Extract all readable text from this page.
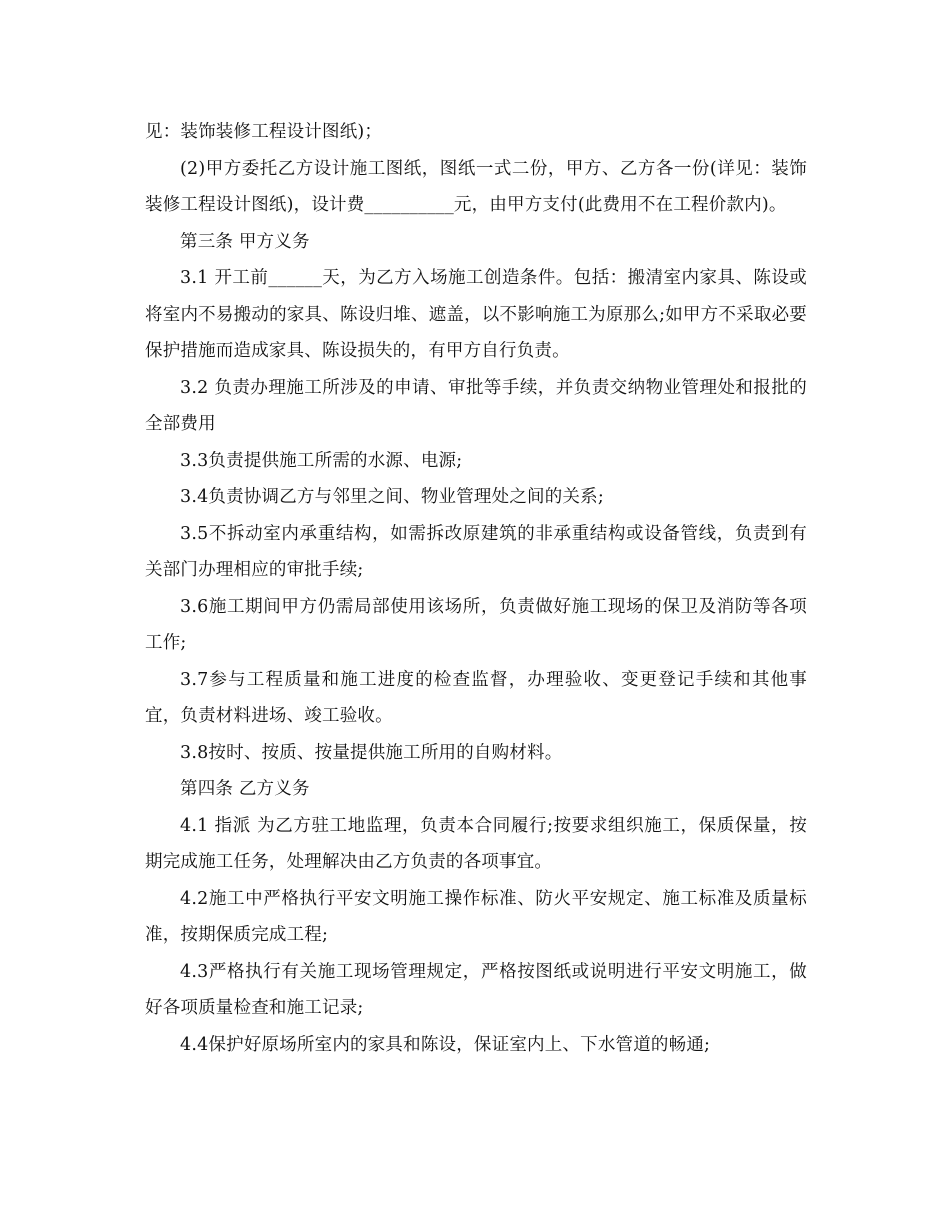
见：装饰装修工程设计图纸)；

(2)甲方委托乙方设计施工图纸，图纸一式二份，甲方、乙方各一份(详见：装饰装修工程设计图纸)，设计费__________元，由甲方支付(此费用不在工程价款内)。

第三条 甲方义务

3.1 开工前______天，为乙方入场施工创造条件。包括：搬清室内家具、陈设或将室内不易搬动的家具、陈设归堆、遮盖，以不影响施工为原那么;如甲方不采取必要保护措施而造成家具、陈设损失的，有甲方自行负责。

3.2 负责办理施工所涉及的申请、审批等手续，并负责交纳物业管理处和报批的全部费用

3.3负责提供施工所需的水源、电源;

3.4负责协调乙方与邻里之间、物业管理处之间的关系;

3.5不拆动室内承重结构，如需拆改原建筑的非承重结构或设备管线，负责到有关部门办理相应的审批手续;

3.6施工期间甲方仍需局部使用该场所，负责做好施工现场的保卫及消防等各项工作;

3.7参与工程质量和施工进度的检查监督，办理验收、变更登记手续和其他事宜，负责材料进场、竣工验收。

3.8按时、按质、按量提供施工所用的自购材料。

第四条 乙方义务

4.1 指派 为乙方驻工地监理，负责本合同履行;按要求组织施工，保质保量，按期完成施工任务，处理解决由乙方负责的各项事宜。

4.2施工中严格执行平安文明施工操作标准、防火平安规定、施工标准及质量标准，按期保质完成工程;

4.3严格执行有关施工现场管理规定，严格按图纸或说明进行平安文明施工，做好各项质量检查和施工记录;

4.4保护好原场所室内的家具和陈设，保证室内上、下水管道的畅通;
